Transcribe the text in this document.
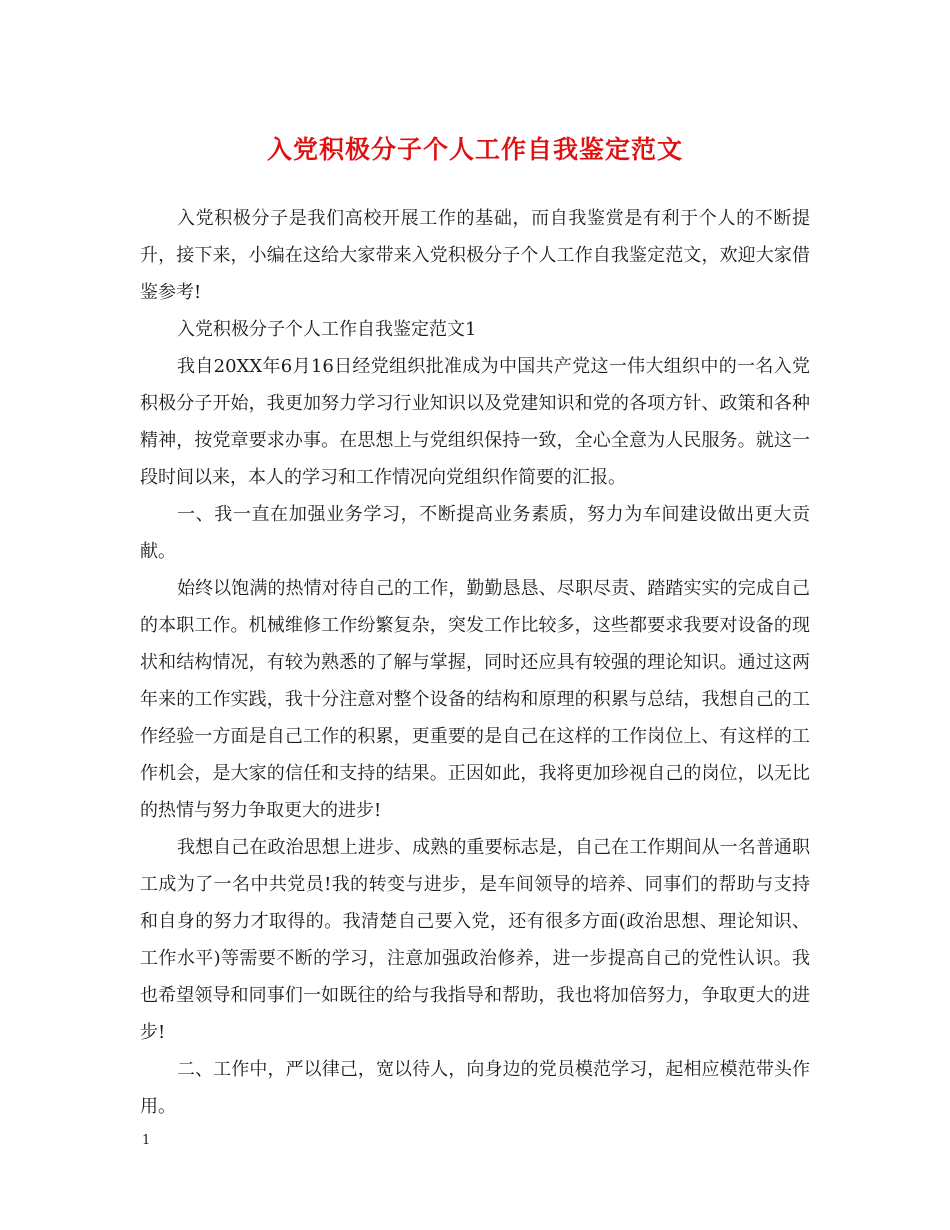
入党积极分子个人工作自我鉴定范文

入党积极分子是我们高校开展工作的基础，而自我鉴赏是有利于个人的不断提升，接下来，小编在这给大家带来入党积极分子个人工作自我鉴定范文，欢迎大家借鉴参考!

入党积极分子个人工作自我鉴定范文1

我自20XX年6月16日经党组织批准成为中国共产党这一伟大组织中的一名入党积极分子开始，我更加努力学习行业知识以及党建知识和党的各项方针、政策和各种精神，按党章要求办事。在思想上与党组织保持一致，全心全意为人民服务。就这一段时间以来，本人的学习和工作情况向党组织作简要的汇报。

一、我一直在加强业务学习，不断提高业务素质，努力为车间建设做出更大贡献。

始终以饱满的热情对待自己的工作，勤勤恳恳、尽职尽责、踏踏实实的完成自己的本职工作。机械维修工作纷繁复杂，突发工作比较多，这些都要求我要对设备的现状和结构情况，有较为熟悉的了解与掌握，同时还应具有较强的理论知识。通过这两年来的工作实践，我十分注意对整个设备的结构和原理的积累与总结，我想自己的工作经验一方面是自己工作的积累，更重要的是自己在这样的工作岗位上、有这样的工作机会，是大家的信任和支持的结果。正因如此，我将更加珍视自己的岗位，以无比的热情与努力争取更大的进步!

我想自己在政治思想上进步、成熟的重要标志是，自己在工作期间从一名普通职工成为了一名中共党员!我的转变与进步，是车间领导的培养、同事们的帮助与支持和自身的努力才取得的。我清楚自己要入党，还有很多方面(政治思想、理论知识、工作水平)等需要不断的学习，注意加强政治修养，进一步提高自己的党性认识。我也希望领导和同事们一如既往的给与我指导和帮助，我也将加倍努力，争取更大的进步!

二、工作中，严以律己，宽以待人，向身边的党员模范学习，起相应模范带头作用。

1
